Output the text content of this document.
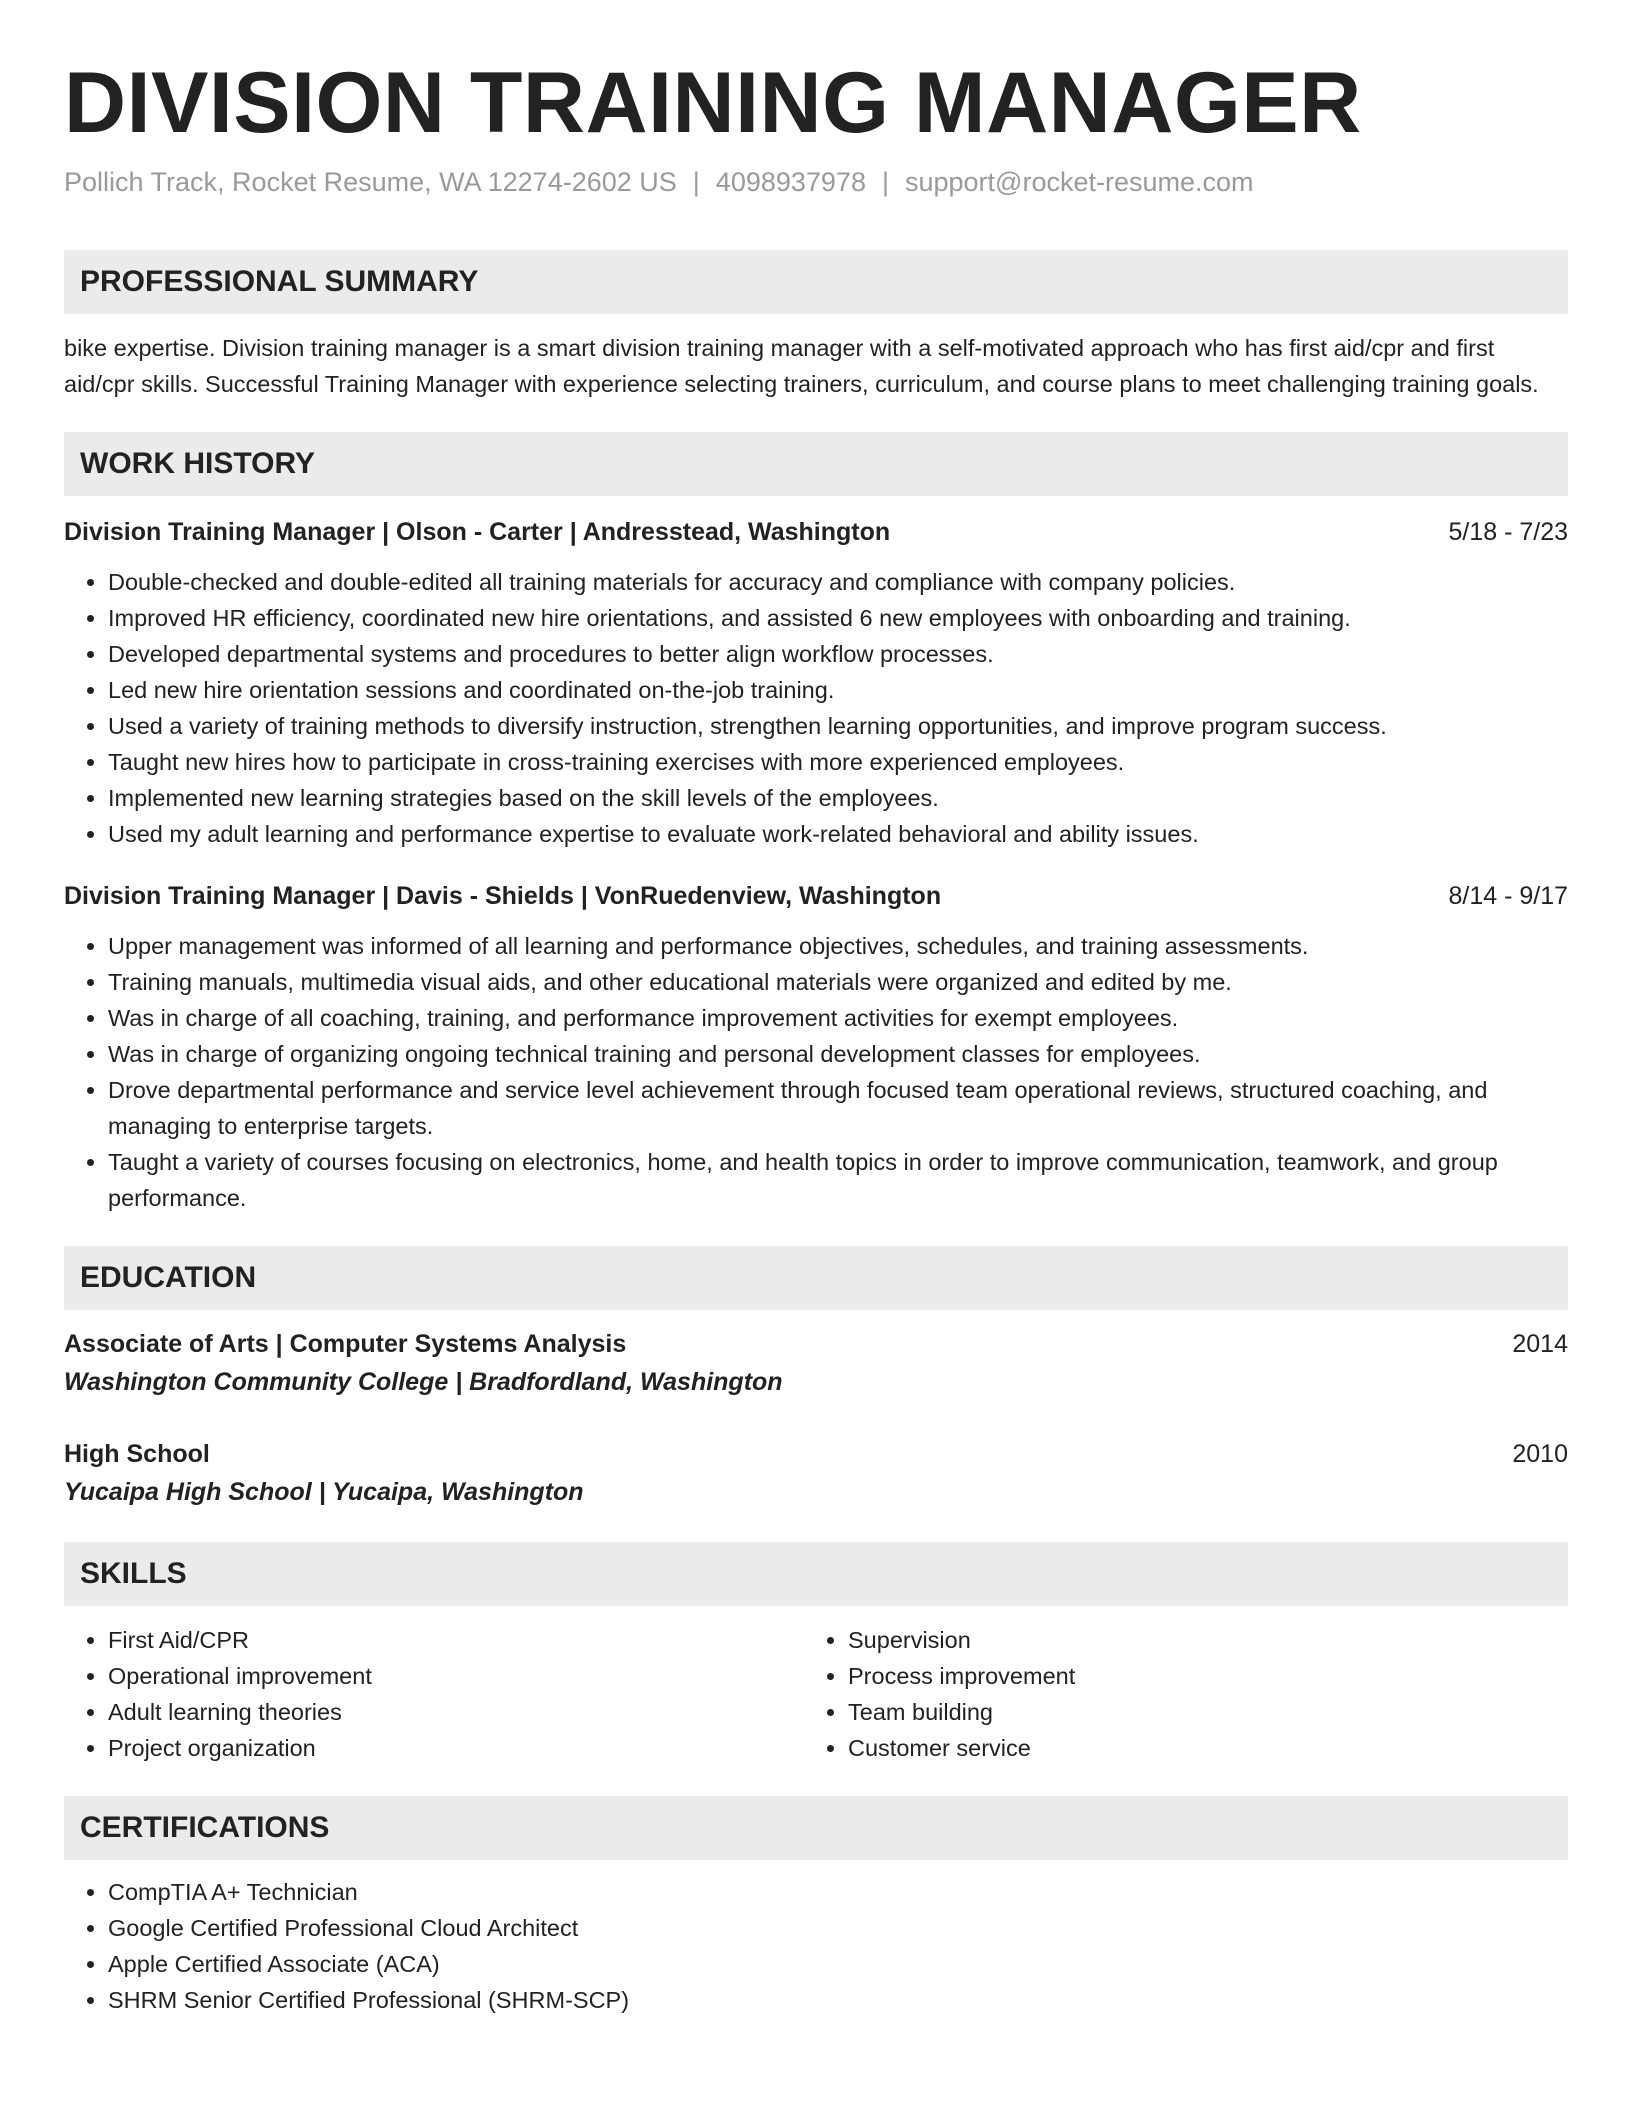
DIVISION TRAINING MANAGER
Pollich Track, Rocket Resume, WA 12274-2602 US | 4098937978 | support@rocket-resume.com
PROFESSIONAL SUMMARY
bike expertise. Division training manager is a smart division training manager with a self-motivated approach who has first aid/cpr and first aid/cpr skills. Successful Training Manager with experience selecting trainers, curriculum, and course plans to meet challenging training goals.
WORK HISTORY
Division Training Manager | Olson - Carter | Andresstead, Washington	5/18 - 7/23
• Double-checked and double-edited all training materials for accuracy and compliance with company policies.
• Improved HR efficiency, coordinated new hire orientations, and assisted 6 new employees with onboarding and training.
• Developed departmental systems and procedures to better align workflow processes.
• Led new hire orientation sessions and coordinated on-the-job training.
• Used a variety of training methods to diversify instruction, strengthen learning opportunities, and improve program success.
• Taught new hires how to participate in cross-training exercises with more experienced employees.
• Implemented new learning strategies based on the skill levels of the employees.
• Used my adult learning and performance expertise to evaluate work-related behavioral and ability issues.
Division Training Manager | Davis - Shields | VonRuedenview, Washington	8/14 - 9/17
• Upper management was informed of all learning and performance objectives, schedules, and training assessments.
• Training manuals, multimedia visual aids, and other educational materials were organized and edited by me.
• Was in charge of all coaching, training, and performance improvement activities for exempt employees.
• Was in charge of organizing ongoing technical training and personal development classes for employees.
• Drove departmental performance and service level achievement through focused team operational reviews, structured coaching, and managing to enterprise targets.
• Taught a variety of courses focusing on electronics, home, and health topics in order to improve communication, teamwork, and group performance.
EDUCATION
Associate of Arts | Computer Systems Analysis	2014
Washington Community College | Bradfordland, Washington
High School	2010
Yucaipa High School | Yucaipa, Washington
SKILLS
• First Aid/CPR
• Operational improvement
• Adult learning theories
• Project organization
• Supervision
• Process improvement
• Team building
• Customer service
CERTIFICATIONS
• CompTIA A+ Technician
• Google Certified Professional Cloud Architect
• Apple Certified Associate (ACA)
• SHRM Senior Certified Professional (SHRM-SCP)
